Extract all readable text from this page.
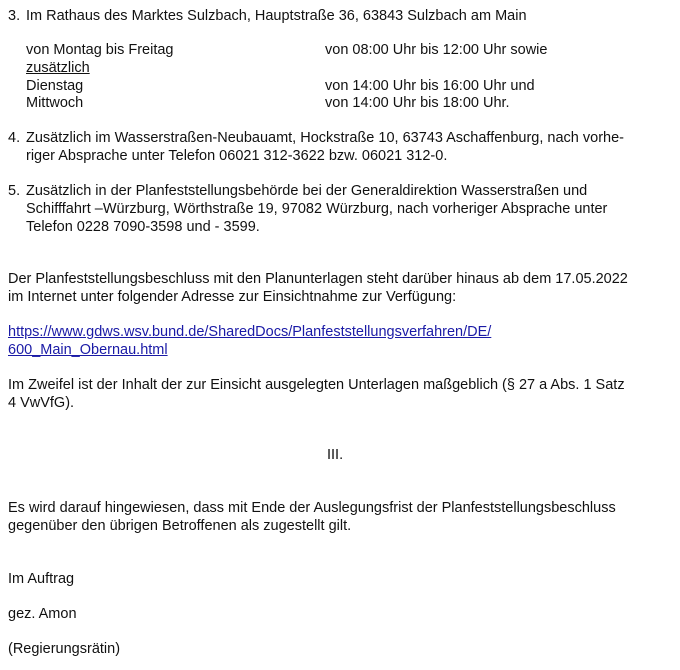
3. Im Rathaus des Marktes Sulzbach, Hauptstraße 36, 63843 Sulzbach am Main
von Montag bis Freitag	von 08:00 Uhr bis 12:00 Uhr sowie
zusätzlich
Dienstag	von 14:00 Uhr bis 16:00 Uhr und
Mittwoch	von 14:00 Uhr bis 18:00 Uhr.
4. Zusätzlich im Wasserstraßen-Neubauamt, Hockstraße 10, 63743 Aschaffenburg, nach vorhe-
riger Absprache unter Telefon 06021 312-3622 bzw. 06021 312-0.
5. Zusätzlich in der Planfeststellungsbehörde bei der Generaldirektion Wasserstraßen und
Schifffahrt –Würzburg, Wörthstraße 19, 97082 Würzburg, nach vorheriger Absprache unter
Telefon 0228 7090-3598 und - 3599.
Der Planfeststellungsbeschluss mit den Planunterlagen steht darüber hinaus ab dem 17.05.2022
im Internet unter folgender Adresse zur Einsichtnahme zur Verfügung:
https://www.gdws.wsv.bund.de/SharedDocs/Planfeststellungsverfahren/DE/
600_Main_Obernau.html
Im Zweifel ist der Inhalt der zur Einsicht ausgelegten Unterlagen maßgeblich (§ 27 a Abs. 1 Satz
4 VwVfG).
III.
Es wird darauf hingewiesen, dass mit Ende der Auslegungsfrist der Planfeststellungsbeschluss
gegenüber den übrigen Betroffenen als zugestellt gilt.
Im Auftrag
gez. Amon
(Regierungsrätin)
